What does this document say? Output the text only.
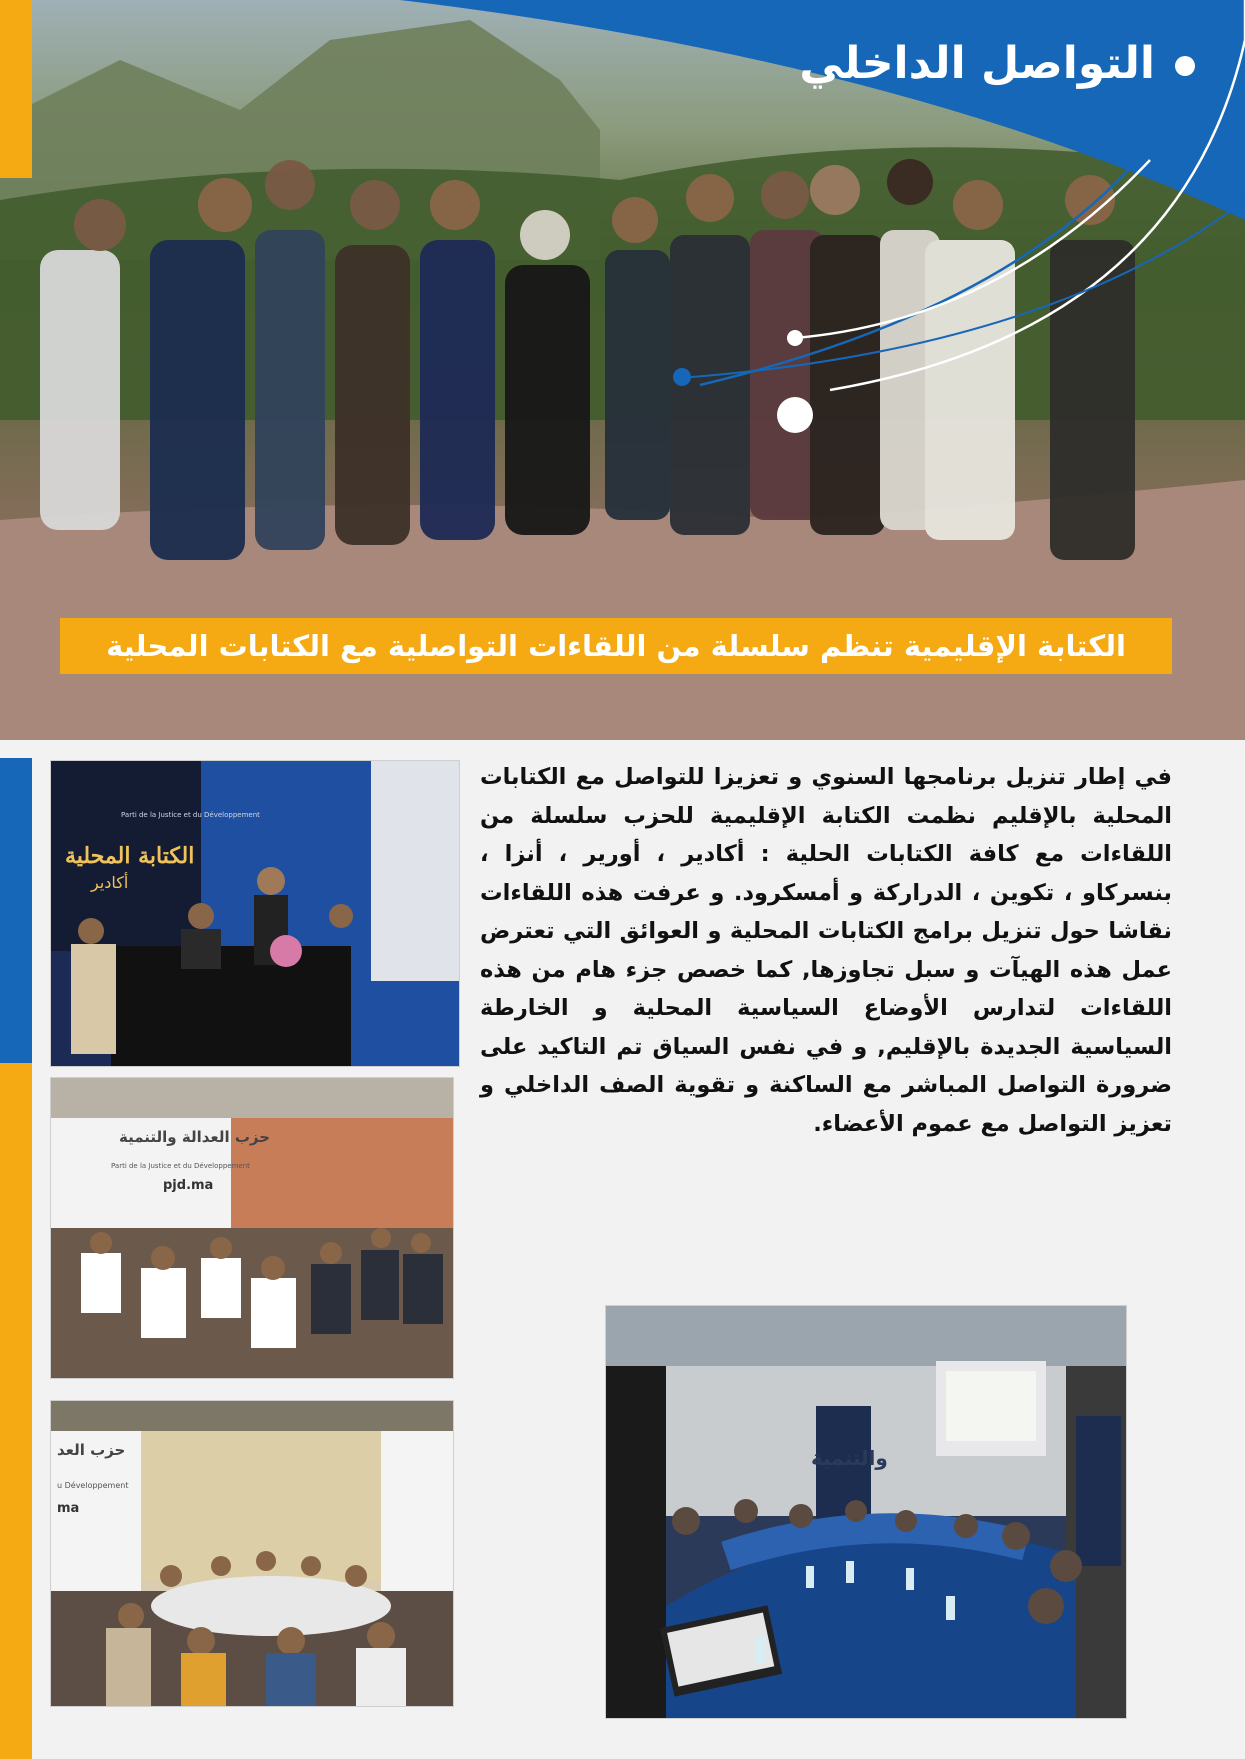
التواصل الداخلي
الكتابة الإقليمية تنظم سلسلة من اللقاءات التواصلية مع الكتابات المحلية
الكتابة المحلية
أكادير
Parti de la Justice et du Développement
حزب العدالة والتنمية
Parti de la Justice et du Développement
pjd.ma
حزب العد
u Développement
ma
في إطار تنزيل برنامجها السنوي و تعزيزا للتواصل مع الكتابات المحلية بالإقليم نظمت الكتابة الإقليمية للحزب سلسلة من اللقاءات مع كافة الكتابات الحلية : أكادير ، أورير ، أنزا ، بنسركاو ، تكوين ، الدراركة و أمسكرود. و عرفت هذه اللقاءات نقاشا حول تنزيل برامج الكتابات المحلية و العوائق التي تعترض عمل هذه الهيآت و سبل تجاوزها, كما خصص جزء هام من هذه اللقاءات لتدارس الأوضاع السياسية المحلية و الخارطة السياسية الجديدة بالإقليم, و في نفس السياق تم التاكيد على ضرورة التواصل المباشر مع الساكنة و تقوية الصف الداخلي و تعزيز التواصل مع عموم الأعضاء.
والتنمية
